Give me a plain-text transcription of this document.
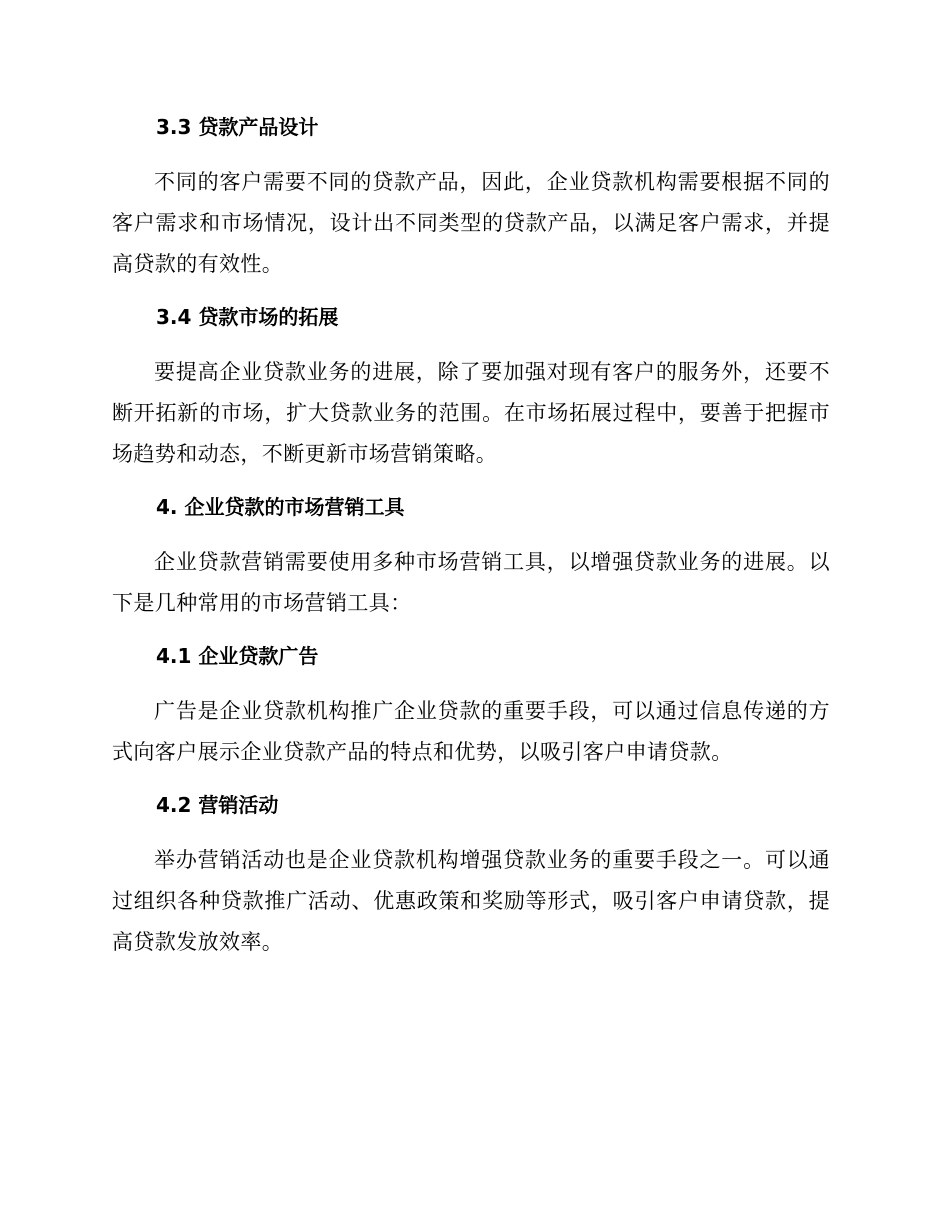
3.3 贷款产品设计

不同的客户需要不同的贷款产品，因此，企业贷款机构需要根据不同的客户需求和市场情况，设计出不同类型的贷款产品，以满足客户需求，并提高贷款的有效性。

3.4 贷款市场的拓展

要提高企业贷款业务的进展，除了要加强对现有客户的服务外，还要不断开拓新的市场，扩大贷款业务的范围。在市场拓展过程中，要善于把握市场趋势和动态，不断更新市场营销策略。

4. 企业贷款的市场营销工具

企业贷款营销需要使用多种市场营销工具，以增强贷款业务的进展。以下是几种常用的市场营销工具：

4.1 企业贷款广告

广告是企业贷款机构推广企业贷款的重要手段，可以通过信息传递的方式向客户展示企业贷款产品的特点和优势，以吸引客户申请贷款。

4.2 营销活动

举办营销活动也是企业贷款机构增强贷款业务的重要手段之一。可以通过组织各种贷款推广活动、优惠政策和奖励等形式，吸引客户申请贷款，提高贷款发放效率。
